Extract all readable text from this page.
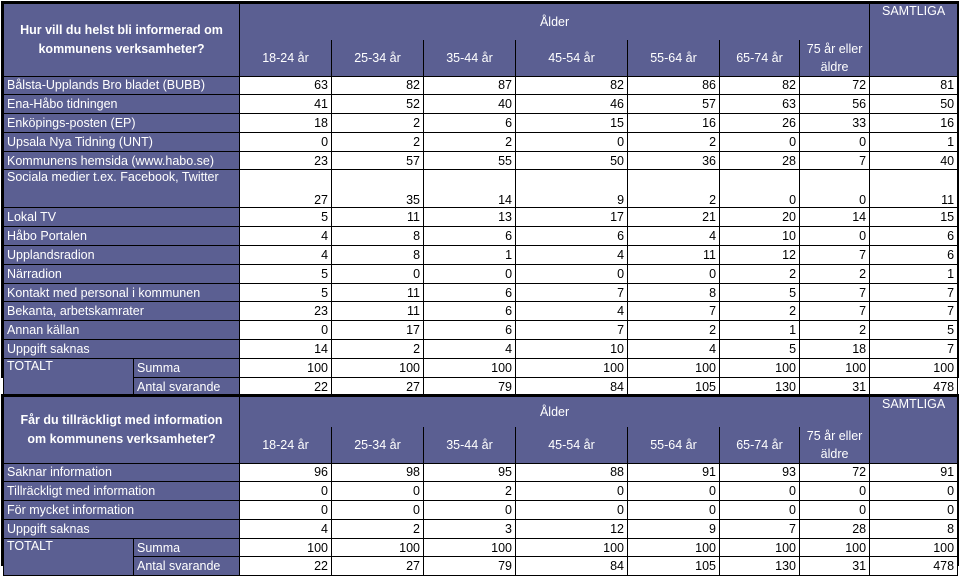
Hur vill du helst bli informerad om kommunens verksamheter?		Ålder							SAMTLIGA
		18-24 år	25-34 år	35-44 år	45-54 år	55-64 år	65-74 år	75 år eller äldre	
Bålsta-Upplands Bro bladet (BUBB)		63	82	87	82	86	82	72	81
Ena-Håbo tidningen		41	52	40	46	57	63	56	50
Enköpings-posten (EP)		18	2	6	15	16	26	33	16
Upsala Nya Tidning (UNT)		0	2	2	0	2	0	0	1
Kommunens hemsida (www.habo.se)		23	57	55	50	36	28	7	40
Sociala medier t.ex. Facebook, Twitter		27	35	14	9	2	0	0	11
Lokal TV		5	11	13	17	21	20	14	15
Håbo Portalen		4	8	6	6	4	10	0	6
Upplandsradion		4	8	1	4	11	12	7	6
Närradion		5	0	0	0	0	2	2	1
Kontakt med personal i kommunen		5	11	6	7	8	5	7	7
Bekanta, arbetskamrater		23	11	6	4	7	2	7	7
Annan källan		0	17	6	7	2	1	2	5
Uppgift saknas		14	2	4	10	4	5	18	7
TOTALT	Summa	100	100	100	100	100	100	100	100
	Antal svarande	22	27	79	84	105	130	31	478
Får du tillräckligt med information om kommunens verksamheter?		Ålder							SAMTLIGA
		18-24 år	25-34 år	35-44 år	45-54 år	55-64 år	65-74 år	75 år eller äldre	
Saknar information		96	98	95	88	91	93	72	91
Tillräckligt med information		0	0	2	0	0	0	0	0
För mycket information		0	0	0	0	0	0	0	0
Uppgift saknas		4	2	3	12	9	7	28	8
TOTALT	Summa	100	100	100	100	100	100	100	100
	Antal svarande	22	27	79	84	105	130	31	478
